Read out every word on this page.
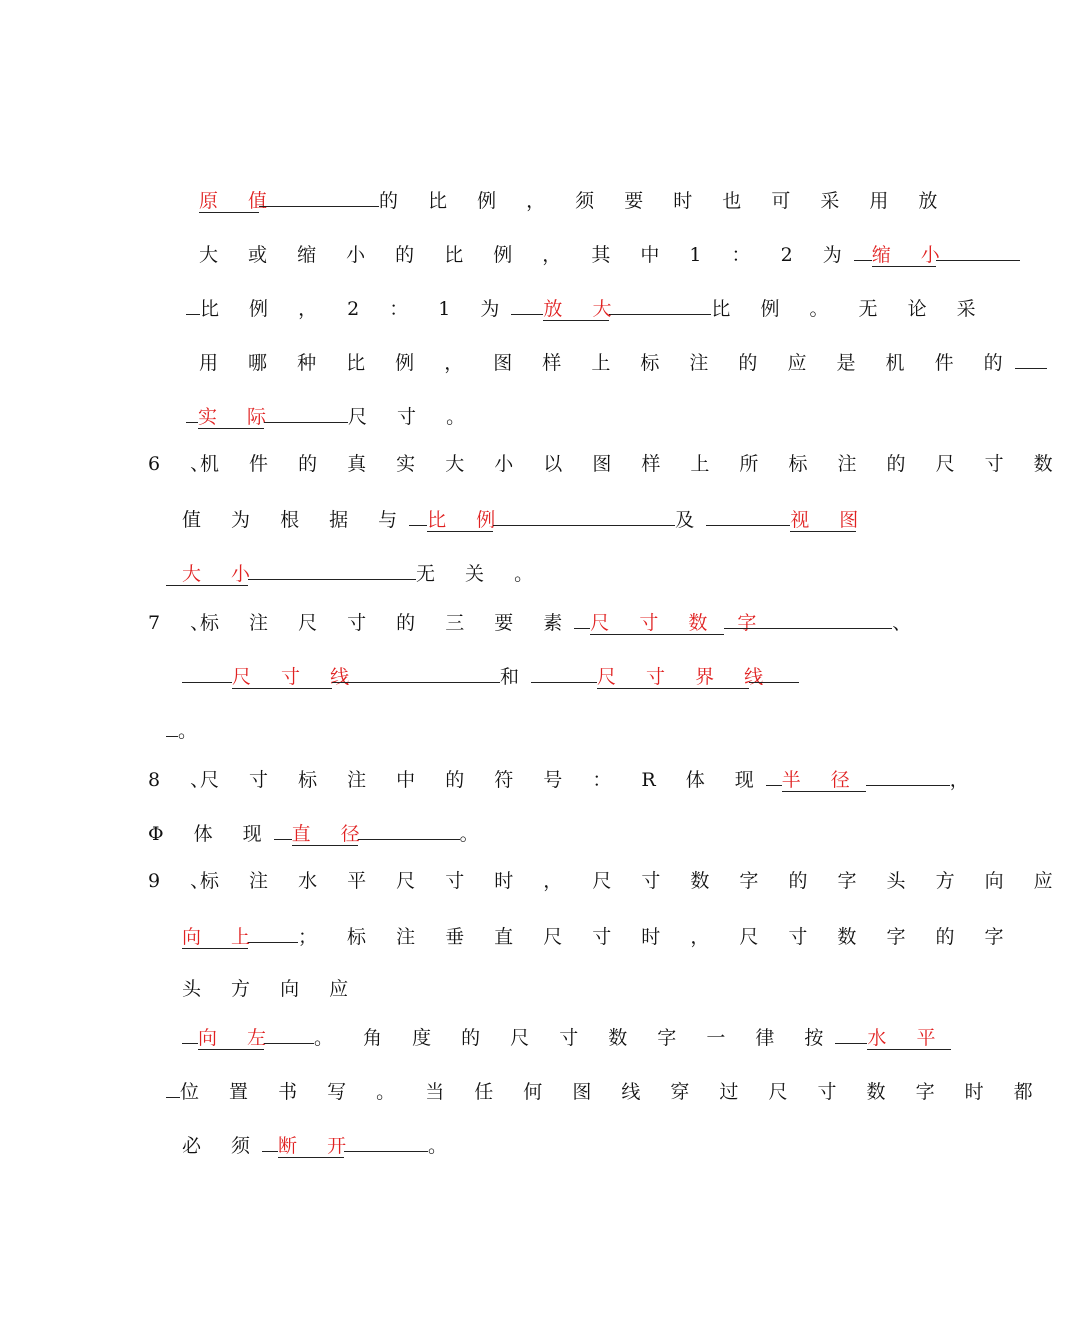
原 值	的 比 例 ， 须 要 时 也 可 采 用 放
大 或 缩 小 的 比 例 ， 其 中 1 ： 2 为 缩 小
比 例 ， 2 ： 1 为 放 大	比 例 。 无 论 采
用 哪 种 比 例 ， 图 样 上 标 注 的 应 是 机 件 的
实 际	尺 寸 。
6 、机 件 的 真 实 大 小 以 图 样 上 所 标 注 的 尺 寸 数
值 为 根 据 与 比 例	及	视 图
大 小	无 关 。
7 、标 注 尺 寸 的 三 要 素 尺 寸 数 字	、
尺 寸 线	和	尺 寸 界 线
。
8 、尺 寸 标 注 中 的 符 号 ： R 体 现 半 径	，
Φ 体 现 直 径	。
9 、标 注 水 平 尺 寸 时 ， 尺 寸 数 字 的 字 头 方 向 应
向 上 ； 标 注 垂 直 尺 寸 时 ， 尺 寸 数 字 的 字
头 方 向 应
向 左 。 角 度 的 尺 寸 数 字 一 律 按 水 平
位 置 书 写 。 当 任 何 图 线 穿 过 尺 寸 数 字 时 都
必 须 断 开	。
